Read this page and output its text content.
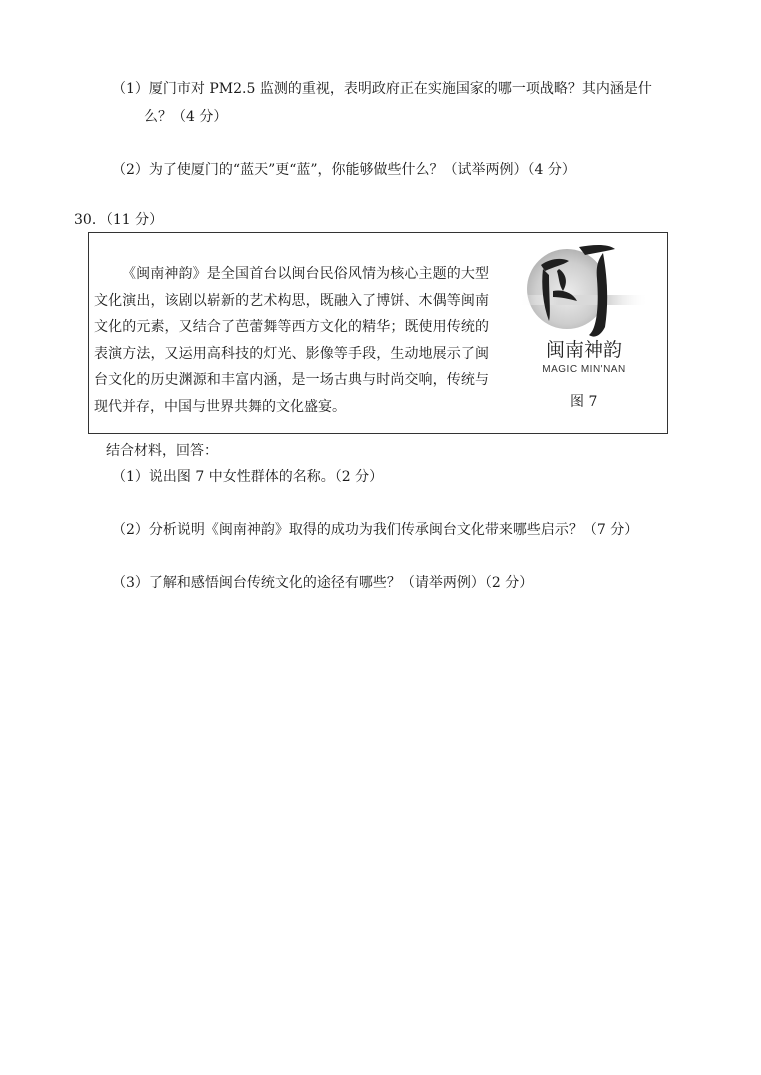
（1）厦门市对 PM2.5 监测的重视，表明政府正在实施国家的哪一项战略？其内涵是什
么？（4 分）
（2）为了使厦门的“蓝天”更“蓝”，你能够做些什么？（试举两例）（4 分）
30．（11 分）
《闽南神韵》是全国首台以闽台民俗风情为核心主题的大型文化演出，该剧以崭新的艺术构思，既融入了博饼、木偶等闽南文化的元素，又结合了芭蕾舞等西方文化的精华；既使用传统的表演方法，又运用高科技的灯光、影像等手段，生动地展示了闽台文化的历史渊源和丰富内涵，是一场古典与时尚交响，传统与现代并存，中国与世界共舞的文化盛宴。
闽南神韵
MAGIC MIN'NAN
图 7
结合材料，回答：
（1）说出图 7 中女性群体的名称。（2 分）
（2）分析说明《闽南神韵》取得的成功为我们传承闽台文化带来哪些启示？（7 分）
（3）了解和感悟闽台传统文化的途径有哪些？（请举两例）（2 分）
